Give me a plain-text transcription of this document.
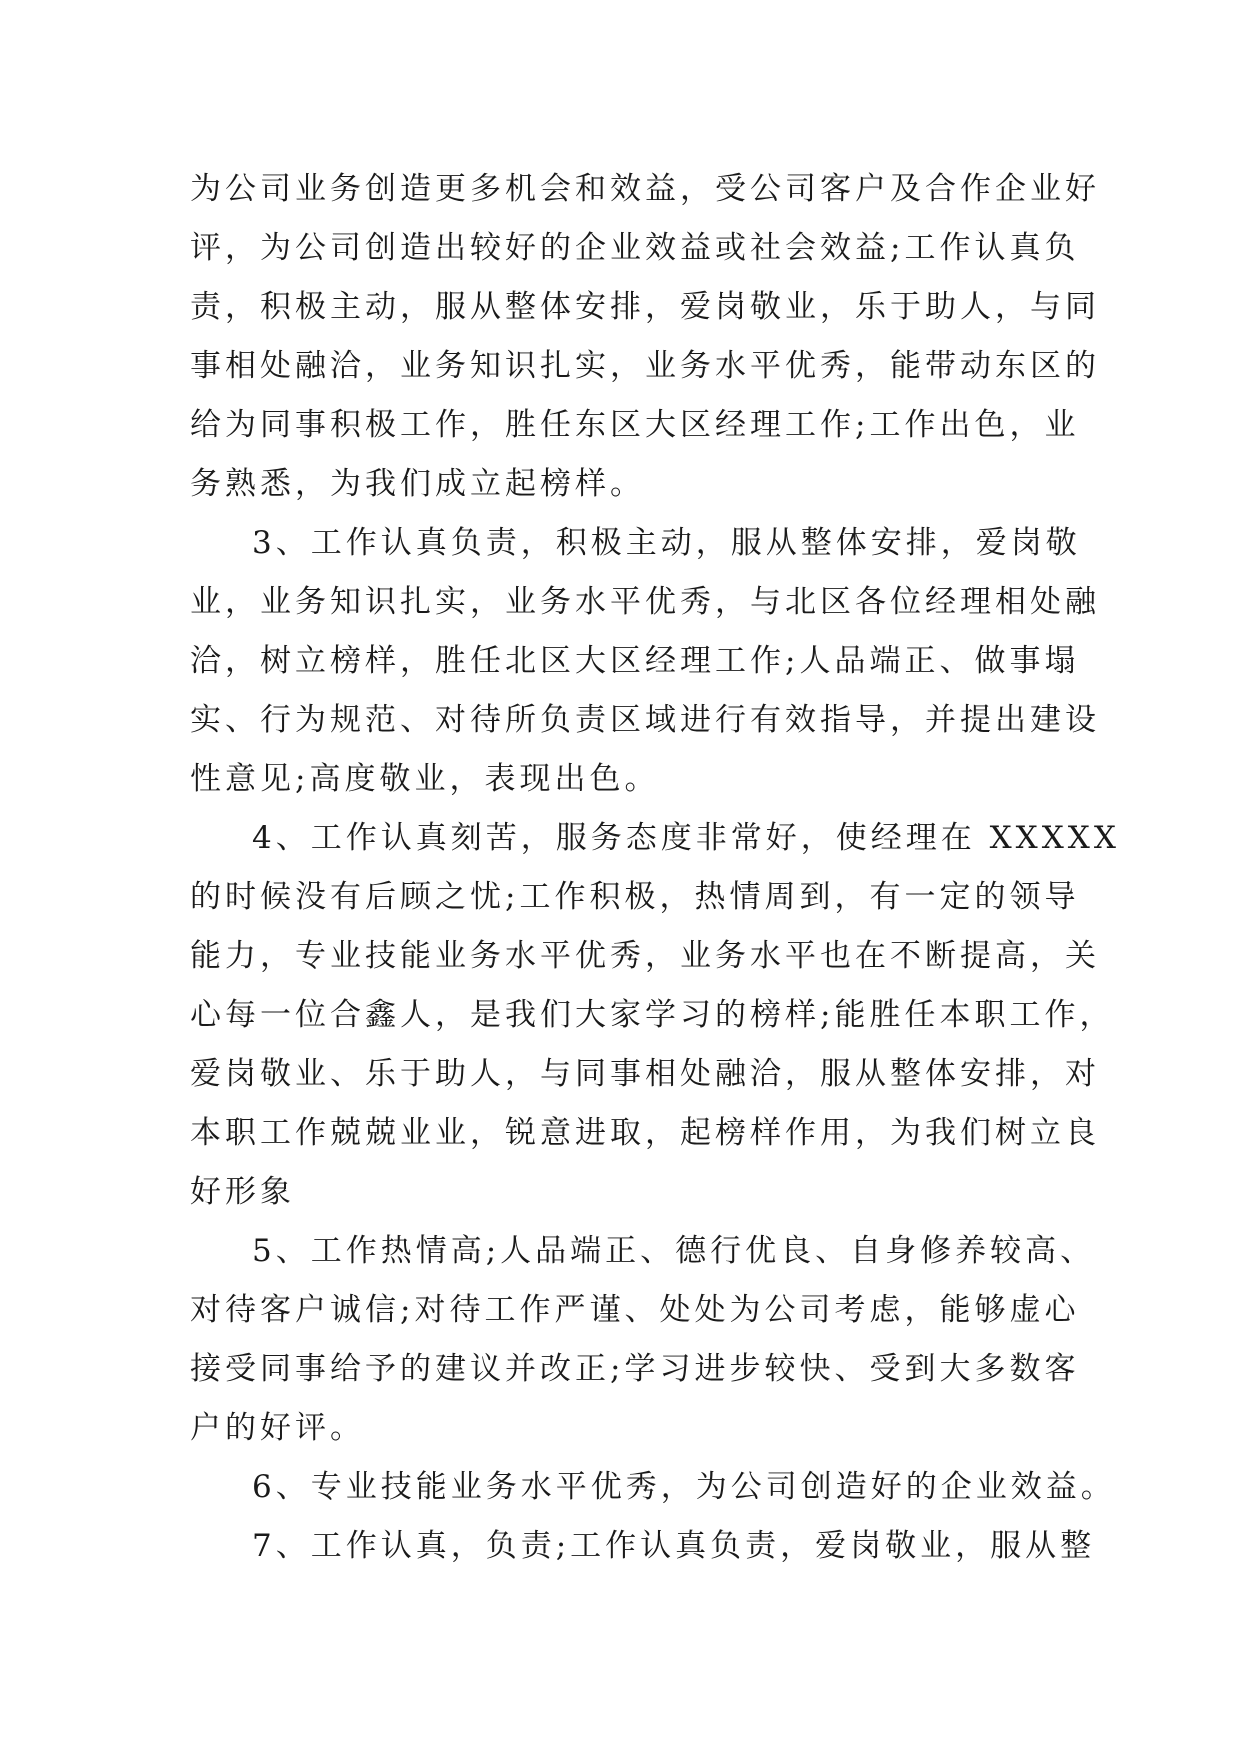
为公司业务创造更多机会和效益，受公司客户及合作企业好
评，为公司创造出较好的企业效益或社会效益;工作认真负
责，积极主动，服从整体安排，爱岗敬业，乐于助人，与同
事相处融洽，业务知识扎实，业务水平优秀，能带动东区的
给为同事积极工作，胜任东区大区经理工作;工作出色，业
务熟悉，为我们成立起榜样。
3、工作认真负责，积极主动，服从整体安排，爱岗敬
业，业务知识扎实，业务水平优秀，与北区各位经理相处融
洽，树立榜样，胜任北区大区经理工作;人品端正、做事塌
实、行为规范、对待所负责区域进行有效指导，并提出建设
性意见;高度敬业，表现出色。
4、工作认真刻苦，服务态度非常好，使经理在 XXXXX
的时候没有后顾之忧;工作积极，热情周到，有一定的领导
能力，专业技能业务水平优秀，业务水平也在不断提高，关
心每一位合鑫人，是我们大家学习的榜样;能胜任本职工作，
爱岗敬业、乐于助人，与同事相处融洽，服从整体安排，对
本职工作兢兢业业，锐意进取，起榜样作用，为我们树立良
好形象
5、工作热情高;人品端正、德行优良、自身修养较高、
对待客户诚信;对待工作严谨、处处为公司考虑，能够虚心
接受同事给予的建议并改正;学习进步较快、受到大多数客
户的好评。
6、专业技能业务水平优秀，为公司创造好的企业效益。
7、工作认真，负责;工作认真负责，爱岗敬业，服从整
